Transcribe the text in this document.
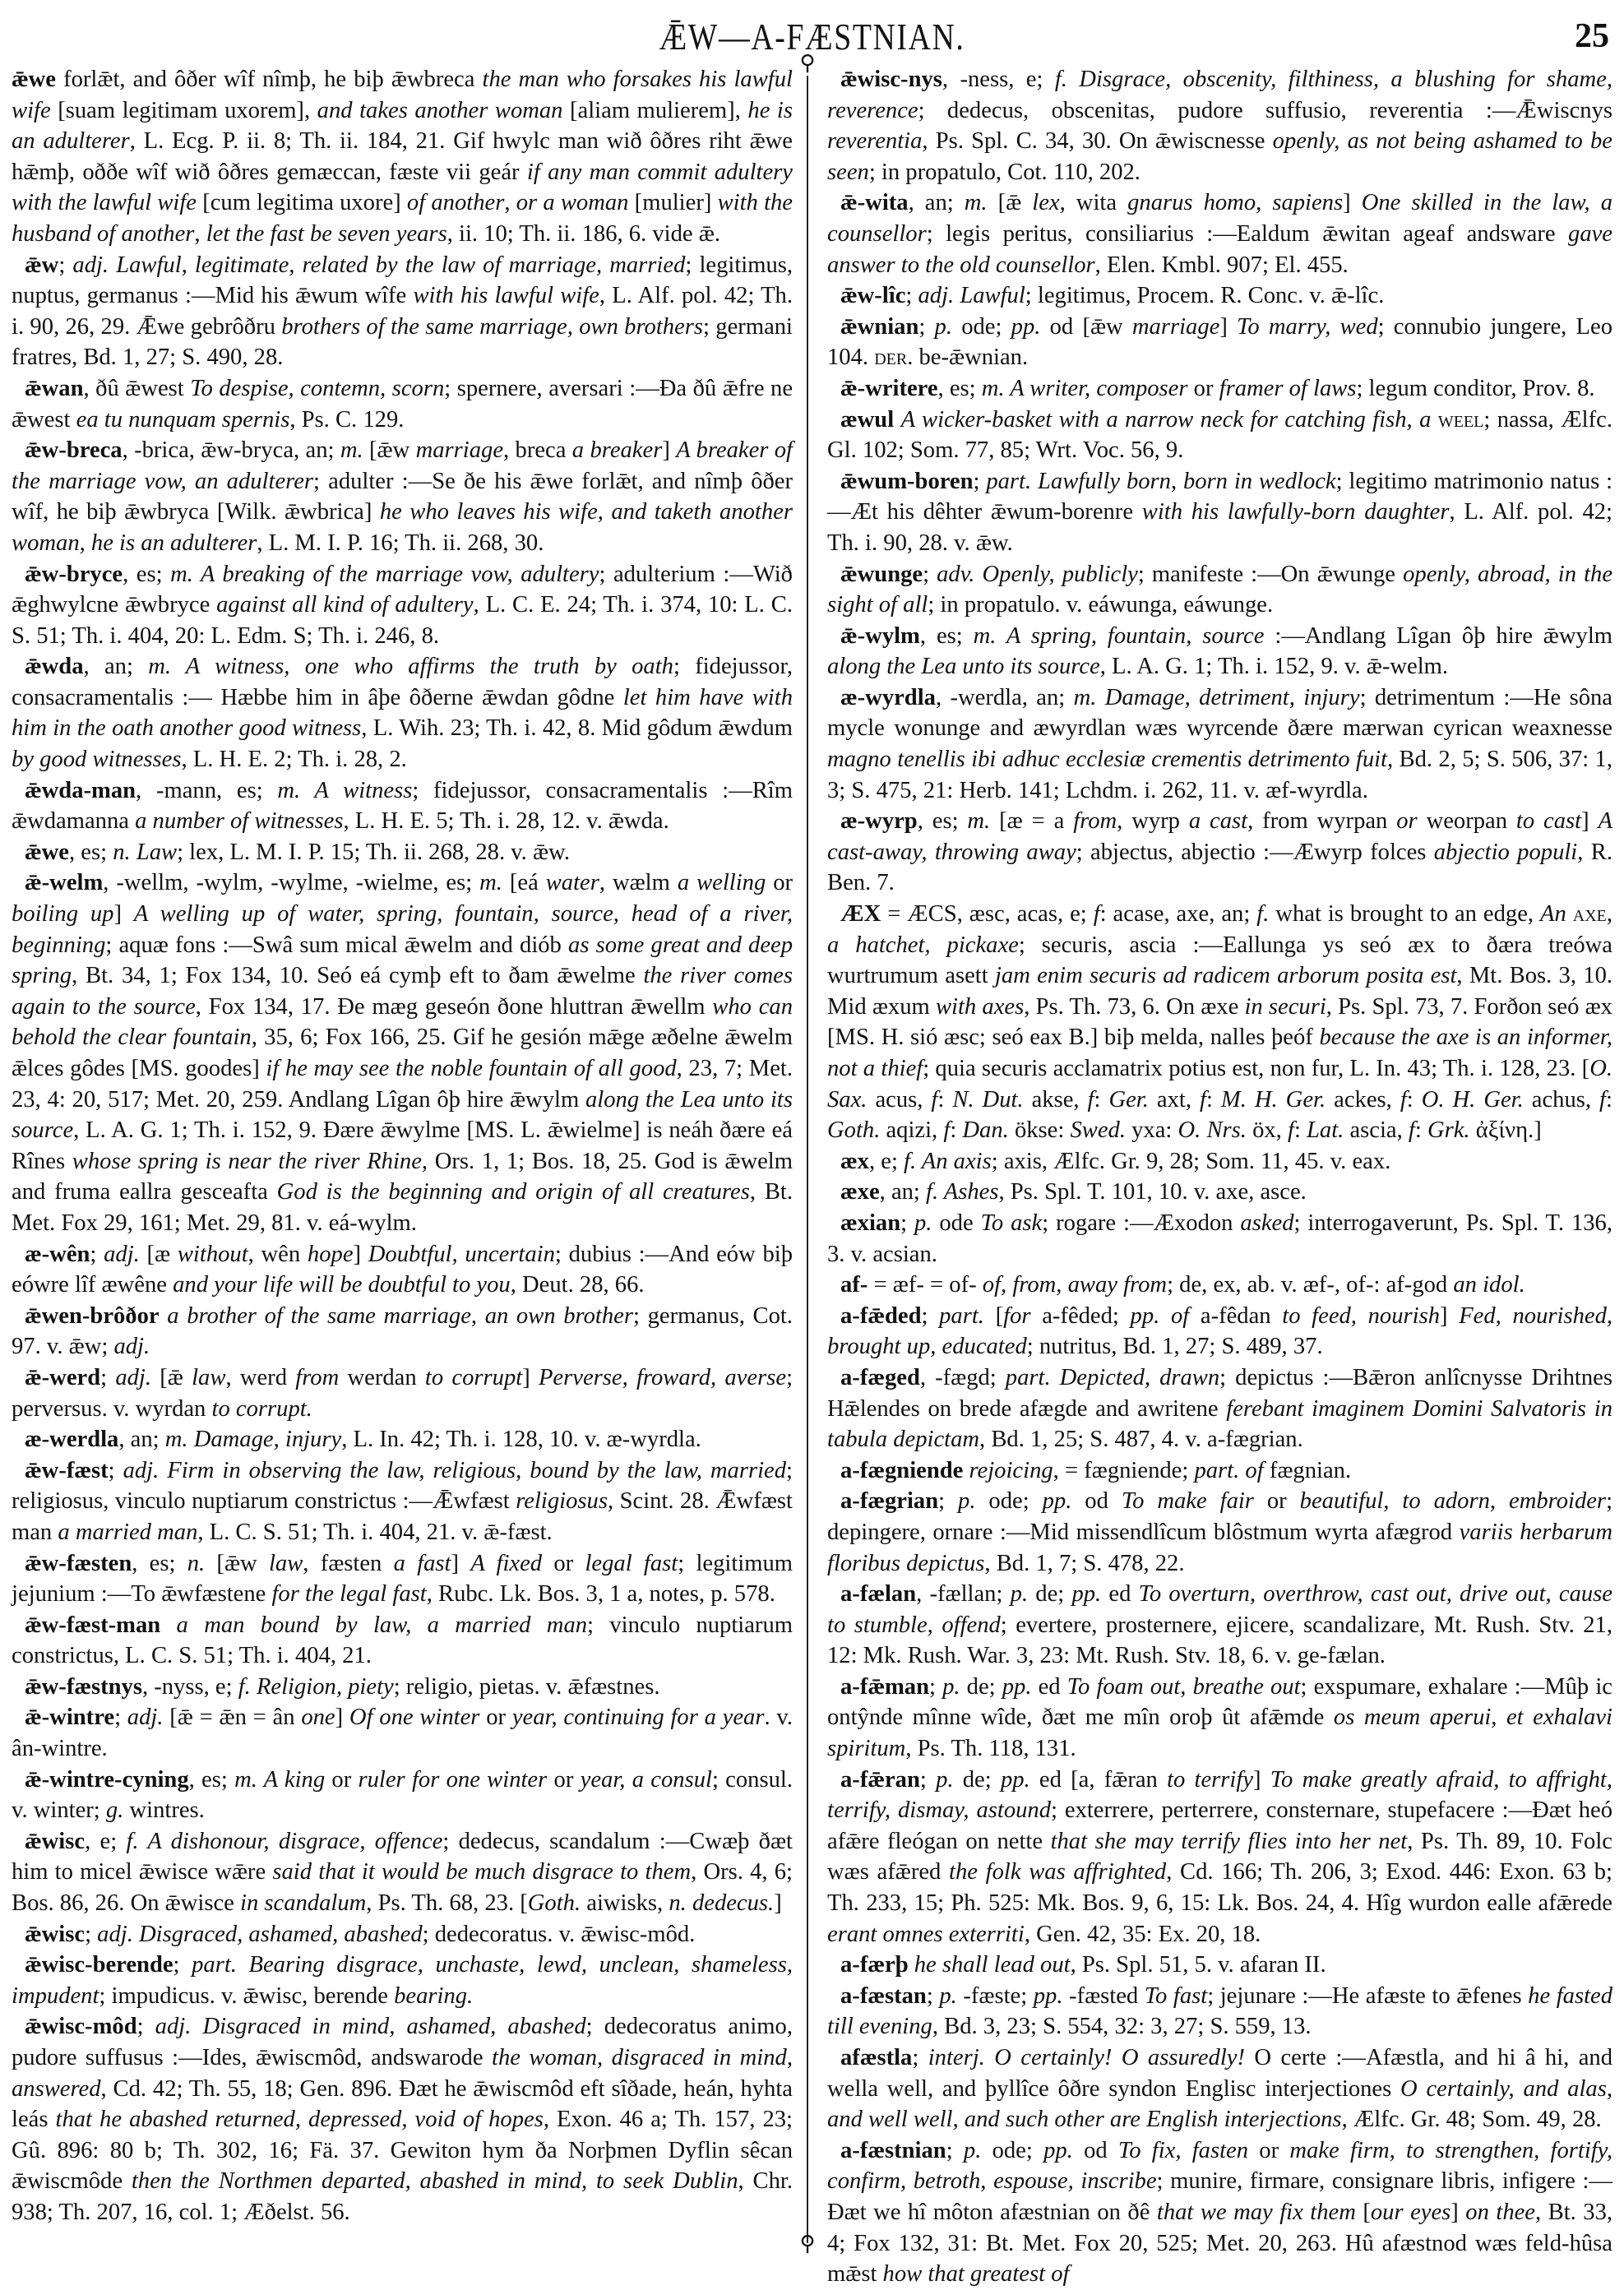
ǢW—A-FÆSTNIAN.	25
⚲
⚲

ǣwe forlǣt, and ôðer wîf nîmþ, he biþ ǣwbreca the man who forsakes his lawful wife [suam legitimam uxorem], and takes another woman [aliam mulierem], he is an adulterer, L. Ecg. P. ii. 8; Th. ii. 184, 21. Gif hwylc man wið ôðres riht ǣwe hǣmþ, oððe wîf wið ôðres gemæccan, fæste vii geár if any man commit adultery with the lawful wife [cum legitima uxore] of another, or a woman [mulier] with the husband of another, let the fast be seven years, ii. 10; Th. ii. 186, 6. vide ǣ.

ǣw; adj. Lawful, legitimate, related by the law of marriage, married; legitimus, nuptus, germanus :—Mid his ǣwum wîfe with his lawful wife, L. Alf. pol. 42; Th. i. 90, 26, 29. Ǣwe gebrôðru brothers of the same marriage, own brothers; germani fratres, Bd. 1, 27; S. 490, 28.

ǣwan, ðû ǣwest To despise, contemn, scorn; spernere, aversari :—Ða ðû ǣfre ne ǣwest ea tu nunquam spernis, Ps. C. 129.

ǣw-breca, -brica, ǣw-bryca, an; m. [ǣw marriage, breca a breaker] A breaker of the marriage vow, an adulterer; adulter :—Se ðe his ǣwe forlǣt, and nîmþ ôðer wîf, he biþ ǣwbryca [Wilk. ǣwbrica] he who leaves his wife, and taketh another woman, he is an adulterer, L. M. I. P. 16; Th. ii. 268, 30.

ǣw-bryce, es; m. A breaking of the marriage vow, adultery; adulterium :—Wið ǣghwylcne ǣwbryce against all kind of adultery, L. C. E. 24; Th. i. 374, 10: L. C. S. 51; Th. i. 404, 20: L. Edm. S; Th. i. 246, 8.

ǣwda, an; m. A witness, one who affirms the truth by oath; fidejussor, consacramentalis :— Hæbbe him in âþe ôðerne ǣwdan gôdne let him have with him in the oath another good witness, L. Wih. 23; Th. i. 42, 8. Mid gôdum ǣwdum by good witnesses, L. H. E. 2; Th. i. 28, 2.

ǣwda-man, -mann, es; m. A witness; fidejussor, consacramentalis :—Rîm ǣwdamanna a number of witnesses, L. H. E. 5; Th. i. 28, 12. v. ǣwda.

ǣwe, es; n. Law; lex, L. M. I. P. 15; Th. ii. 268, 28. v. ǣw.

ǣ-welm, -wellm, -wylm, -wylme, -wielme, es; m. [eá water, wælm a welling or boiling up] A welling up of water, spring, fountain, source, head of a river, beginning; aquæ fons :—Swâ sum mical ǣwelm and diób as some great and deep spring, Bt. 34, 1; Fox 134, 10. Seó eá cymþ eft to ðam ǣwelme the river comes again to the source, Fox 134, 17. Ðe mæg geseón ðone hluttran ǣwellm who can behold the clear fountain, 35, 6; Fox 166, 25. Gif he gesión mǣge æðelne ǣwelm ǣlces gôdes [MS. goodes] if he may see the noble fountain of all good, 23, 7; Met. 23, 4: 20, 517; Met. 20, 259. Andlang Lîgan ôþ hire ǣwylm along the Lea unto its source, L. A. G. 1; Th. i. 152, 9. Ðære ǣwylme [MS. L. ǣwielme] is neáh ðære eá Rînes whose spring is near the river Rhine, Ors. 1, 1; Bos. 18, 25. God is ǣwelm and fruma eallra gesceafta God is the beginning and origin of all creatures, Bt. Met. Fox 29, 161; Met. 29, 81. v. eá-wylm.

æ-wên; adj. [æ without, wên hope] Doubtful, uncertain; dubius :—And eów biþ eówre lîf æwêne and your life will be doubtful to you, Deut. 28, 66.

ǣwen-brôðor a brother of the same marriage, an own brother; germanus, Cot. 97. v. ǣw; adj.

ǣ-werd; adj. [ǣ law, werd from werdan to corrupt] Perverse, froward, averse; perversus. v. wyrdan to corrupt.

æ-werdla, an; m. Damage, injury, L. In. 42; Th. i. 128, 10. v. æ-wyrdla.

ǣw-fæst; adj. Firm in observing the law, religious, bound by the law, married; religiosus, vinculo nuptiarum constrictus :—Ǣwfæst religiosus, Scint. 28. Ǣwfæst man a married man, L. C. S. 51; Th. i. 404, 21. v. ǣ-fæst.

ǣw-fæsten, es; n. [ǣw law, fæsten a fast] A fixed or legal fast; legitimum jejunium :—To ǣwfæstene for the legal fast, Rubc. Lk. Bos. 3, 1 a, notes, p. 578.

ǣw-fæst-man a man bound by law, a married man; vinculo nuptiarum constrictus, L. C. S. 51; Th. i. 404, 21.

ǣw-fæstnys, -nyss, e; f. Religion, piety; religio, pietas. v. ǣfæstnes.

ǣ-wintre; adj. [ǣ = ǣn = ân one] Of one winter or year, continuing for a year. v. ân-wintre.

ǣ-wintre-cyning, es; m. A king or ruler for one winter or year, a consul; consul. v. winter; g. wintres.

ǣwisc, e; f. A dishonour, disgrace, offence; dedecus, scandalum :—Cwæþ ðæt him to micel ǣwisce wǣre said that it would be much disgrace to them, Ors. 4, 6; Bos. 86, 26. On ǣwisce in scandalum, Ps. Th. 68, 23. [Goth. aiwisks, n. dedecus.]

ǣwisc; adj. Disgraced, ashamed, abashed; dedecoratus. v. ǣwisc-môd.

ǣwisc-berende; part. Bearing disgrace, unchaste, lewd, unclean, shameless, impudent; impudicus. v. ǣwisc, berende bearing.

ǣwisc-môd; adj. Disgraced in mind, ashamed, abashed; dedecoratus animo, pudore suffusus :—Ides, ǣwiscmôd, andswarode the woman, disgraced in mind, answered, Cd. 42; Th. 55, 18; Gen. 896. Ðæt he ǣwiscmôd eft sîðade, heán, hyhta leás that he abashed returned, depressed, void of hopes, Exon. 46 a; Th. 157, 23; Gû. 896: 80 b; Th. 302, 16; Fä. 37. Gewiton hym ða Norþmen Dyflin sêcan ǣwiscmôde then the Northmen departed, abashed in mind, to seek Dublin, Chr. 938; Th. 207, 16, col. 1; Æðelst. 56.

ǣwisc-nys, -ness, e; f. Disgrace, obscenity, filthiness, a blushing for shame, reverence; dedecus, obscenitas, pudore suffusio, reverentia :—Ǣwiscnys reverentia, Ps. Spl. C. 34, 30. On ǣwiscnesse openly, as not being ashamed to be seen; in propatulo, Cot. 110, 202.

ǣ-wita, an; m. [ǣ lex, wita gnarus homo, sapiens] One skilled in the law, a counsellor; legis peritus, consiliarius :—Ealdum ǣwitan ageaf andsware gave answer to the old counsellor, Elen. Kmbl. 907; El. 455.

ǣw-lîc; adj. Lawful; legitimus, Procem. R. Conc. v. ǣ-lîc.

ǣwnian; p. ode; pp. od [ǣw marriage] To marry, wed; connubio jungere, Leo 104. der. be-ǣwnian.

ǣ-writere, es; m. A writer, composer or framer of laws; legum conditor, Prov. 8.

æwul A wicker-basket with a narrow neck for catching fish, a weel; nassa, Ælfc. Gl. 102; Som. 77, 85; Wrt. Voc. 56, 9.

ǣwum-boren; part. Lawfully born, born in wedlock; legitimo matrimonio natus :—Æt his dêhter ǣwum-borenre with his lawfully-born daughter, L. Alf. pol. 42; Th. i. 90, 28. v. ǣw.

ǣwunge; adv. Openly, publicly; manifeste :—On ǣwunge openly, abroad, in the sight of all; in propatulo. v. eáwunga, eáwunge.

ǣ-wylm, es; m. A spring, fountain, source :—Andlang Lîgan ôþ hire ǣwylm along the Lea unto its source, L. A. G. 1; Th. i. 152, 9. v. ǣ-welm.

æ-wyrdla, -werdla, an; m. Damage, detriment, injury; detrimentum :—He sôna mycle wonunge and æwyrdlan wæs wyrcende ðære mærwan cyrican weaxnesse magno tenellis ibi adhuc ecclesiæ crementis detrimento fuit, Bd. 2, 5; S. 506, 37: 1, 3; S. 475, 21: Herb. 141; Lchdm. i. 262, 11. v. æf-wyrdla.

æ-wyrp, es; m. [æ = a from, wyrp a cast, from wyrpan or weorpan to cast] A cast-away, throwing away; abjectus, abjectio :—Æwyrp folces abjectio populi, R. Ben. 7.

ÆX = ÆCS, æsc, acas, e; f: acase, axe, an; f. what is brought to an edge, An axe, a hatchet, pickaxe; securis, ascia :—Eallunga ys seó æx to ðæra treówa wurtrumum asett jam enim securis ad radicem arborum posita est, Mt. Bos. 3, 10. Mid æxum with axes, Ps. Th. 73, 6. On æxe in securi, Ps. Spl. 73, 7. Forðon seó æx [MS. H. sió æsc; seó eax B.] biþ melda, nalles þeóf because the axe is an informer, not a thief; quia securis acclamatrix potius est, non fur, L. In. 43; Th. i. 128, 23. [O. Sax. acus, f: N. Dut. akse, f: Ger. axt, f: M. H. Ger. ackes, f: O. H. Ger. achus, f: Goth. aqizi, f: Dan. ökse: Swed. yxa: O. Nrs. öx, f: Lat. ascia, f: Grk. ἀξίνη.]

æx, e; f. An axis; axis, Ælfc. Gr. 9, 28; Som. 11, 45. v. eax.

æxe, an; f. Ashes, Ps. Spl. T. 101, 10. v. axe, asce.

æxian; p. ode To ask; rogare :—Æxodon asked; interrogaverunt, Ps. Spl. T. 136, 3. v. acsian.

af- = æf- = of- of, from, away from; de, ex, ab. v. æf-, of-: af-god an idol.

a-fǣded; part. [for a-fêded; pp. of a-fêdan to feed, nourish] Fed, nourished, brought up, educated; nutritus, Bd. 1, 27; S. 489, 37.

a-fæged, -fægd; part. Depicted, drawn; depictus :—Bǣron anlîcnysse Drihtnes Hǣlendes on brede afægde and awritene ferebant imaginem Domini Salvatoris in tabula depictam, Bd. 1, 25; S. 487, 4. v. a-fægrian.

a-fægniende rejoicing, = fægniende; part. of fægnian.

a-fægrian; p. ode; pp. od To make fair or beautiful, to adorn, embroider; depingere, ornare :—Mid missendlîcum blôstmum wyrta afægrod variis herbarum floribus depictus, Bd. 1, 7; S. 478, 22.

a-fælan, -fællan; p. de; pp. ed To overturn, overthrow, cast out, drive out, cause to stumble, offend; evertere, prosternere, ejicere, scandalizare, Mt. Rush. Stv. 21, 12: Mk. Rush. War. 3, 23: Mt. Rush. Stv. 18, 6. v. ge-fælan.

a-fǣman; p. de; pp. ed To foam out, breathe out; exspumare, exhalare :—Mûþ ic ontŷnde mînne wîde, ðæt me mîn oroþ ût afǣmde os meum aperui, et exhalavi spiritum, Ps. Th. 118, 131.

a-fǣran; p. de; pp. ed [a, fǣran to terrify] To make greatly afraid, to affright, terrify, dismay, astound; exterrere, perterrere, consternare, stupefacere :—Ðæt heó afǣre fleógan on nette that she may terrify flies into her net, Ps. Th. 89, 10. Folc wæs afǣred the folk was affrighted, Cd. 166; Th. 206, 3; Exod. 446: Exon. 63 b; Th. 233, 15; Ph. 525: Mk. Bos. 9, 6, 15: Lk. Bos. 24, 4. Hîg wurdon ealle afǣrede erant omnes exterriti, Gen. 42, 35: Ex. 20, 18.

a-færþ he shall lead out, Ps. Spl. 51, 5. v. afaran II.

a-fæstan; p. -fæste; pp. -fæsted To fast; jejunare :—He afæste to ǣfenes he fasted till evening, Bd. 3, 23; S. 554, 32: 3, 27; S. 559, 13.

afæstla; interj. O certainly! O assuredly! O certe :—Afæstla, and hi â hi, and wella well, and þyllîce ôðre syndon Englisc interjectiones O certainly, and alas, and well well, and such other are English interjections, Ælfc. Gr. 48; Som. 49, 28.

a-fæstnian; p. ode; pp. od To fix, fasten or make firm, to strengthen, fortify, confirm, betroth, espouse, inscribe; munire, firmare, consignare libris, infigere :—Ðæt we hî môton afæstnian on ðê that we may fix them [our eyes] on thee, Bt. 33, 4; Fox 132, 31: Bt. Met. Fox 20, 525; Met. 20, 263. Hû afæstnod wæs feld-hûsa mǣst how that greatest of
